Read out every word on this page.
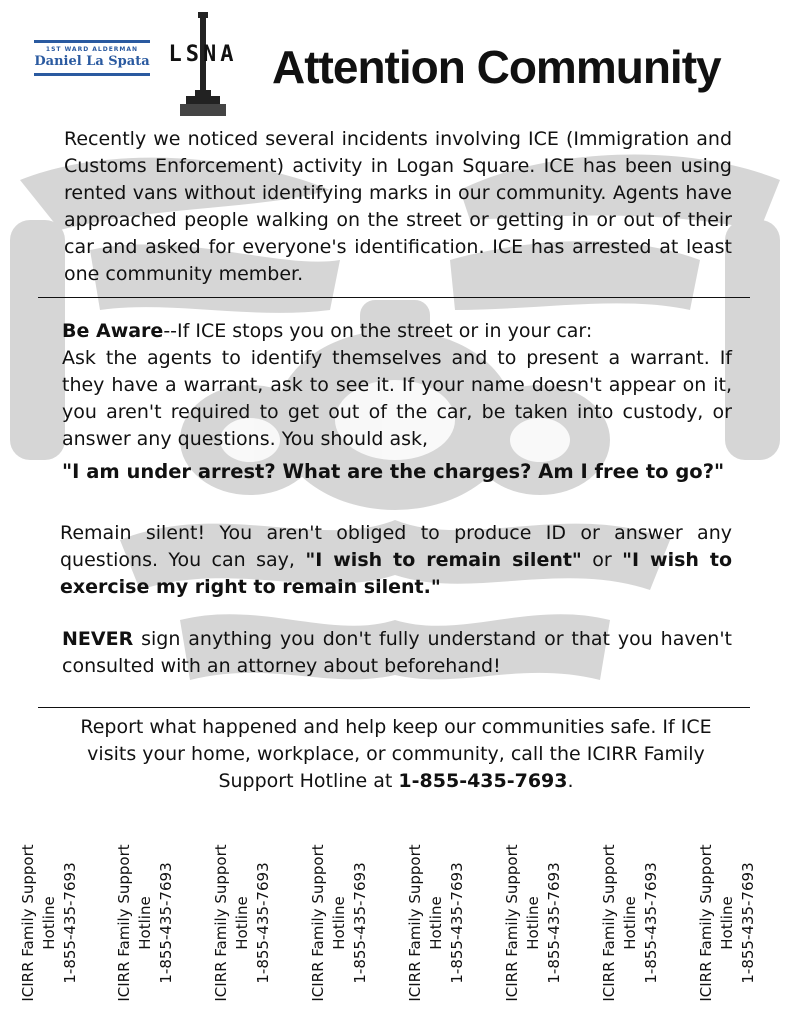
1ST WARD ALDERMAN
Daniel La Spata LSNA Attention Community
Recently we noticed several incidents involving ICE (Immigration and Customs Enforcement) activity in Logan Square. ICE has been using rented vans without identifying marks in our community. Agents have approached people walking on the street or getting in or out of their car and asked for everyone's identification. ICE has arrested at least one community member.
Be Aware--If ICE stops you on the street or in your car:
Ask the agents to identify themselves and to present a warrant. If they have a warrant, ask to see it. If your name doesn't appear on it, you aren't required to get out of the car, be taken into custody, or answer any questions. You should ask,
"I am under arrest? What are the charges? Am I free to go?"
Remain silent! You aren't obliged to produce ID or answer any questions. You can say, "I wish to remain silent" or "I wish to exercise my right to remain silent."
NEVER sign anything you don't fully understand or that you haven't consulted with an attorney about beforehand!
Report what happened and help keep our communities safe. If ICE visits your home, workplace, or community, call the ICIRR Family Support Hotline at 1-855-435-7693.
ICIRR Family Support Hotline 1-855-435-7693 ICIRR Family Support Hotline 1-855-435-7693 ICIRR Family Support Hotline 1-855-435-7693 ICIRR Family Support Hotline 1-855-435-7693 ICIRR Family Support Hotline 1-855-435-7693 ICIRR Family Support Hotline 1-855-435-7693 ICIRR Family Support Hotline 1-855-435-7693 ICIRR Family Support Hotline 1-855-435-7693
